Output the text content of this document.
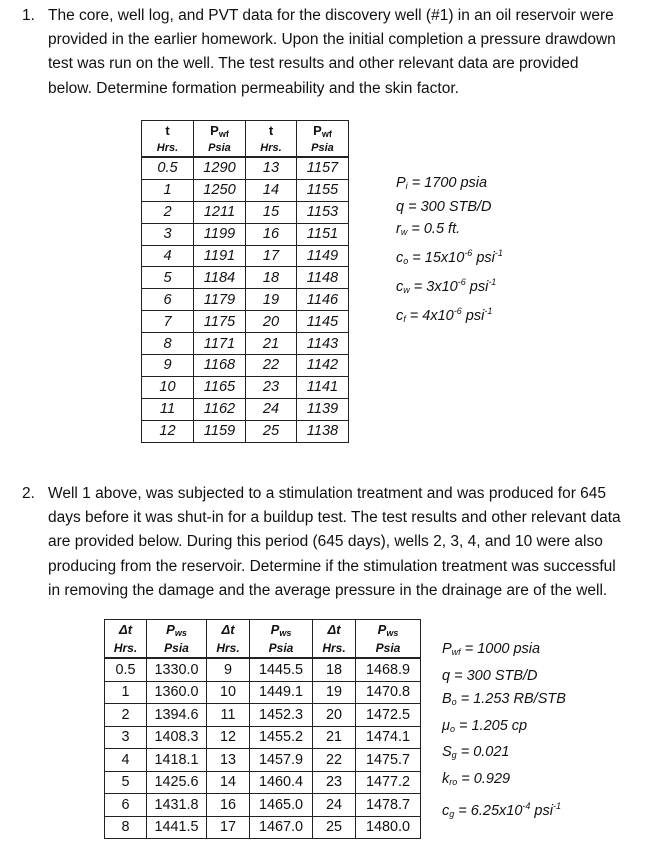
1. The core, well log, and PVT data for the discovery well (#1) in an oil reservoir were
provided in the earlier homework. Upon the initial completion a pressure drawdown
test was run on the well. The test results and other relevant data are provided
below. Determine formation permeability and the skin factor.
t	$P_{wf}$	t	$P_{wf}$
Hrs.	Psia	Hrs.	Psia
0.5	1290	13	1157
1	1250	14	1155
2	1211	15	1153
3	1199	16	1151
4	1191	17	1149
5	1184	18	1148
6	1179	19	1146
7	1175	20	1145
8	1171	21	1143
9	1168	22	1142
10	1165	23	1141
11	1162	24	1139
12	1159	25	1138
$P_i = 1700$ psia
q = 300 STB/D
$r_w = 0.5$ ft.
$c_o = 15x10^{-6}$ psi$^{-1}$
$c_w = 3x10^{-6}$ psi$^{-1}$
$c_f = 4x10^{-6}$ psi$^{-1}$
2. Well 1 above, was subjected to a stimulation treatment and was produced for 645
days before it was shut-in for a buildup test. The test results and other relevant data
are provided below. During this period (645 days), wells 2, 3, 4, and 10 were also
producing from the reservoir. Determine if the stimulation treatment was successful
in removing the damage and the average pressure in the drainage are of the well.
Δt	$P_{ws}$	Δt	$P_{ws}$	Δt	$P_{ws}$
Hrs.	Psia	Hrs.	Psia	Hrs.	Psia
0.5	1330.0	9	1445.5	18	1468.9
1	1360.0	10	1449.1	19	1470.8
2	1394.6	11	1452.3	20	1472.5
3	1408.3	12	1455.2	21	1474.1
4	1418.1	13	1457.9	22	1475.7
5	1425.6	14	1460.4	23	1477.2
6	1431.8	16	1465.0	24	1478.7
8	1441.5	17	1467.0	25	1480.0
$P_{wf} = 1000$ psia
q = 300 STB/D
$B_o = 1.253$ RB/STB
$\mu_o = 1.205$ cp
$S_g = 0.021$
$k_{ro} = 0.929$
$c_g = 6.25x10^{-4}$ psi$^{-1}$
